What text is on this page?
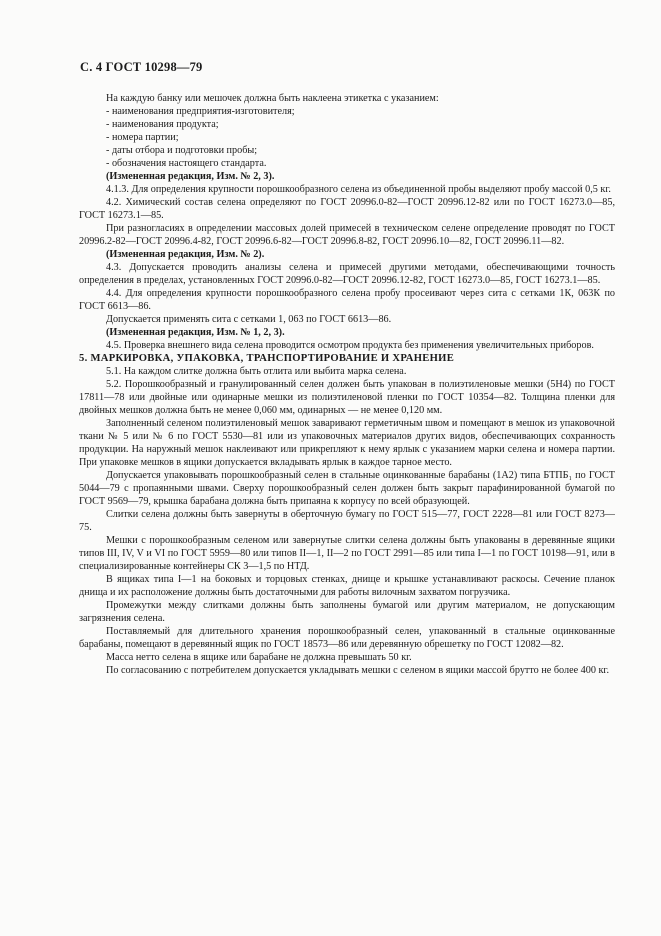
С. 4 ГОСТ 10298—79

На каждую банку или мешочек должна быть наклеена этикетка с указанием:

- наименования предприятия-изготовителя;

- наименования продукта;

- номера партии;

- даты отбора и подготовки пробы;

- обозначения настоящего стандарта.

(Измененная редакция, Изм. № 2, 3).

4.1.3. Для определения крупности порошкообразного селена из объединенной пробы выделяют пробу массой 0,5 кг.

4.2. Химический состав селена определяют по ГОСТ 20996.0-82—ГОСТ 20996.12-82 или по ГОСТ 16273.0—85, ГОСТ 16273.1—85.

При разногласиях в определении массовых долей примесей в техническом селене определение проводят по ГОСТ 20996.2-82—ГОСТ 20996.4-82, ГОСТ 20996.6-82—ГОСТ 20996.8-82, ГОСТ 20996.10—82, ГОСТ 20996.11—82.

(Измененная редакция, Изм. № 2).

4.3. Допускается проводить анализы селена и примесей другими методами, обеспечивающими точность определения в пределах, установленных ГОСТ 20996.0-82—ГОСТ 20996.12-82, ГОСТ 16273.0—85, ГОСТ 16273.1—85.

4.4. Для определения крупности порошкообразного селена пробу просеивают через сита с сетками 1К, 063К по ГОСТ 6613—86.

Допускается применять сита с сетками 1, 063 по ГОСТ 6613—86.

(Измененная редакция, Изм. № 1, 2, 3).

4.5. Проверка внешнего вида селена проводится осмотром продукта без применения увеличительных приборов.

5. МАРКИРОВКА, УПАКОВКА, ТРАНСПОРТИРОВАНИЕ И ХРАНЕНИЕ

5.1. На каждом слитке должна быть отлита или выбита марка селена.

5.2. Порошкообразный и гранулированный селен должен быть упакован в полиэтиленовые мешки (5Н4) по ГОСТ 17811—78 или двойные или одинарные мешки из полиэтиленовой пленки по ГОСТ 10354—82. Толщина пленки для двойных мешков должна быть не менее 0,060 мм, одинарных — не менее 0,120 мм.

Заполненный селеном полиэтиленовый мешок заваривают герметичным швом и помещают в мешок из упаковочной ткани № 5 или № 6 по ГОСТ 5530—81 или из упаковочных материалов других видов, обеспечивающих сохранность продукции. На наружный мешок наклеивают или прикрепляют к нему ярлык с указанием марки селена и номера партии. При упаковке мешков в ящики допускается вкладывать ярлык в каждое тарное место.

Допускается упаковывать порошкообразный селен в стальные оцинкованные барабаны (1А2) типа БТПБ₁ по ГОСТ 5044—79 с пропаянными швами. Сверху порошкообразный селен должен быть закрыт парафинированной бумагой по ГОСТ 9569—79, крышка барабана должна быть припаяна к корпусу по всей образующей.

Слитки селена должны быть завернуты в оберточную бумагу по ГОСТ 515—77, ГОСТ 2228—81 или ГОСТ 8273—75.

Мешки с порошкообразным селеном или завернутые слитки селена должны быть упакованы в деревянные ящики типов III, IV, V и VI по ГОСТ 5959—80 или типов II—1, II—2 по ГОСТ 2991—85 или типа I—1 по ГОСТ 10198—91, или в специализированные контейнеры СК 3—1,5 по НТД.

В ящиках типа I—1 на боковых и торцовых стенках, днище и крышке устанавливают раскосы. Сечение планок днища и их расположение должны быть достаточными для работы вилочным захватом погрузчика.

Промежутки между слитками должны быть заполнены бумагой или другим материалом, не допускающим загрязнения селена.

Поставляемый для длительного хранения порошкообразный селен, упакованный в стальные оцинкованные барабаны, помещают в деревянный ящик по ГОСТ 18573—86 или деревянную обрешетку по ГОСТ 12082—82.

Масса нетто селена в ящике или барабане не должна превышать 50 кг.

По согласованию с потребителем допускается укладывать мешки с селеном в ящики массой брутто не более 400 кг.
